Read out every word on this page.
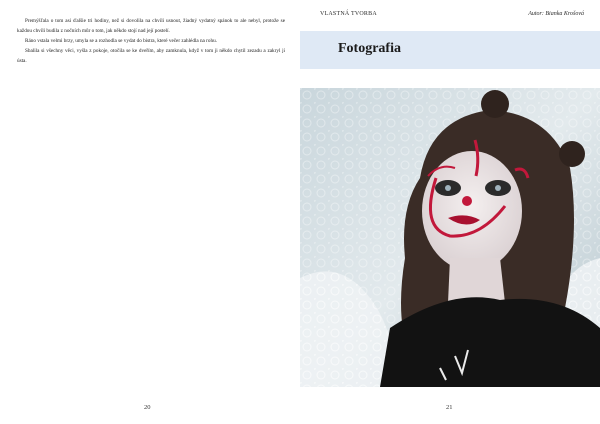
Premýšľala o tom asi ďalšie tri hodiny, než si dovolila na chvíli usnout, žiadný vydatný spánok to ale nebyl, protože se každou chvíli budila z nočních můr o tom, jak někdo stojí nad její postelí.

Ráno vstala velmi brzy, umyla se a rozhodla se vydat do bistra, které večer zahlédla na rohu.

Sbalila si všechny věci, vyšla z pokoje, otočila se ke dveřím, aby zamknula, když v tom ji někdo chytil zezadu a zakryl jí ústa.

20
VLASTNÁ TVORBA	Autor: Bianka Krošová
Fotografia
21
